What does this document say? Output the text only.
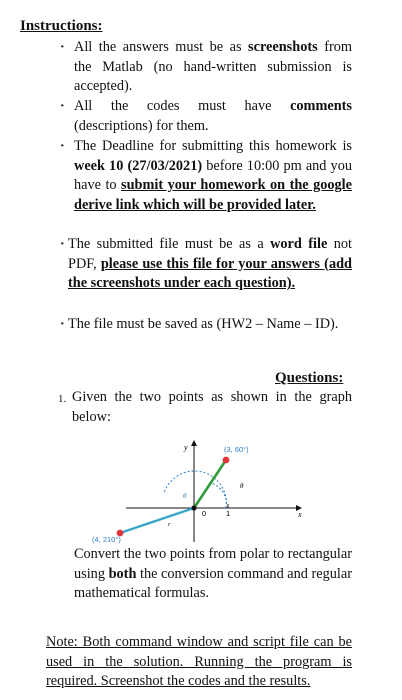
Instructions:
· All the answers must be as screenshots from the Matlab (no hand-written submission is accepted).
· All the codes must have comments (descriptions) for them.
· The Deadline for submitting this homework is week 10 (27/03/2021) before 10:00 pm and you have to submit your homework on the google derive link which will be provided later.
· The submitted file must be as a word file not PDF, please use this file for your answers (add the screenshots under each question).
· The file must be saved as (HW2 – Name – ID).
Questions:
1. Given the two points as shown in the graph below:
y
x
(3, 60°)
(4, 210°)
0	1
θ
θ
r
Convert the two points from polar to rectangular using both the conversion command and regular mathematical formulas.
Note: Both command window and script file can be used in the solution. Running the program is required. Screenshot the codes and the results.
